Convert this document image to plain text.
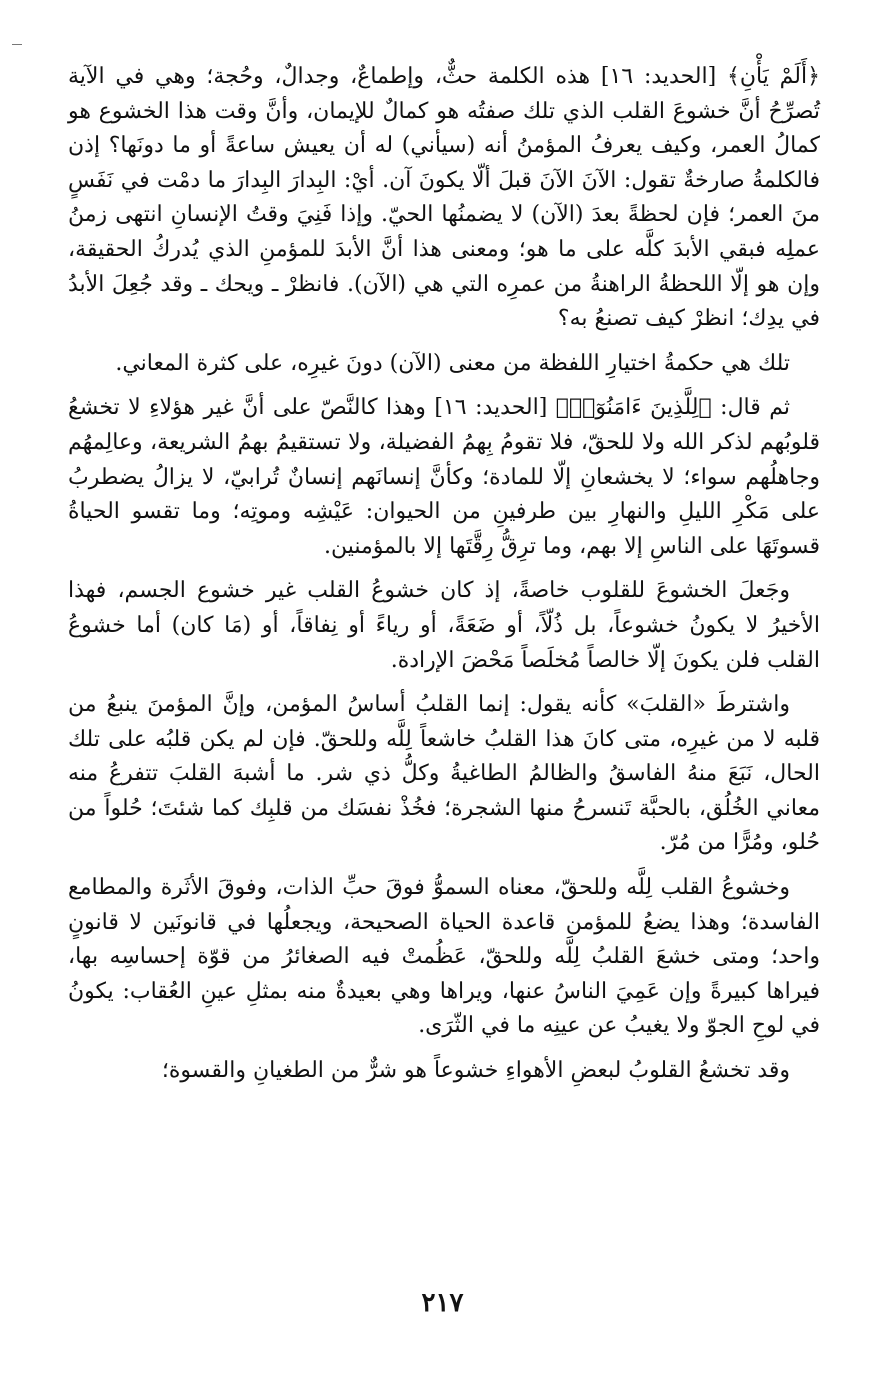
﴿أَلَمْ يَأْنِ﴾ [الحديد: ١٦] هذه الكلمة حثٌّ، وإطماعٌ، وجدالٌ، وحُجة؛ وهي في الآية تُصرِّحُ أنَّ خشوعَ القلب الذي تلك صفتُه هو كمالٌ للإيمان، وأنَّ وقت هذا الخشوع هو كمالُ العمر، وكيف يعرفُ المؤمنُ أنه (سيأني) له أن يعيش ساعةً أو ما دونَها؟ إذن فالكلمةُ صارخةٌ تقول: الآنَ الآنَ قبلَ ألّا يكونَ آن. أيْ: البِدارَ البِدارَ ما دمْت في نَفَسٍ منَ العمر؛ فإن لحظةً بعدَ (الآن) لا يضمنُها الحيّ. وإذا فَنِيَ وقتُ الإنسانِ انتهى زمنُ عملِه فبقي الأبدَ كلَّه على ما هو؛ ومعنى هذا أنَّ الأبدَ للمؤمنِ الذي يُدركُ الحقيقة، وإن هو إلّا اللحظةُ الراهنةُ من عمرِه التي هي (الآن). فانظرْ ـ ويحك ـ وقد جُعِلَ الأبدُ في يدِك؛ انظرْ كيف تصنعُ به؟

تلك هي حكمةُ اختيارِ اللفظة من معنى (الآن) دونَ غيرِه، على كثرة المعاني.

ثم قال: ﴿لِلَّذِينَ ءَامَنُوٓا۟﴾ [الحديد: ١٦] وهذا كالنَّصّ على أنَّ غير هؤلاءِ لا تخشعُ قلوبُهم لذكر الله ولا للحقّ، فلا تقومُ بِهمُ الفضيلة، ولا تستقيمُ بهمُ الشريعة، وعالِمهُم وجاهلُهم سواء؛ لا يخشعانِ إلّا للمادة؛ وكأنَّ إنسانَهم إنسانٌ تُرابيّ، لا يزالُ يضطربُ على مَكْرِ الليلِ والنهارِ بين طرفينِ من الحيوان: عَيْشِه وموتِه؛ وما تقسو الحياةُ قسوتَهَا على الناسِ إلا بهم، وما ترِقُّ رِقَّتَها إلا بالمؤمنين.

وجَعلَ الخشوعَ للقلوب خاصةً، إذ كان خشوعُ القلب غير خشوع الجسم، فهذا الأخيرُ لا يكونُ خشوعاً، بل ذُلّاً، أو ضَعَةً، أو رياءً أو نِفاقاً، أو (مَا كان) أما خشوعُ القلب فلن يكونَ إلّا خالصاً مُخلَصاً مَحْضَ الإرادة.

واشترطَ «القلبَ» كأنه يقول: إنما القلبُ أساسُ المؤمن، وإنَّ المؤمنَ ينبعُ من قلبه لا من غيرِه، متى كانَ هذا القلبُ خاشعاً لِلَّه وللحقّ. فإن لم يكن قلبُه على تلك الحال، نَبَعَ منهُ الفاسقُ والظالمُ الطاغيةُ وكلُّ ذي شر. ما أشبهَ القلبَ تتفرعُ منه معاني الخُلُق، بالحبَّة تَنسرحُ منها الشجرة؛ فخُذْ نفسَك من قلبِك كما شئتَ؛ حُلواً من حُلو، ومُرًّا من مُرّ.

وخشوعُ القلب لِلَّه وللحقّ، معناه السموُّ فوقَ حبِّ الذات، وفوقَ الأثَرة والمطامع الفاسدة؛ وهذا يضعُ للمؤمن قاعدة الحياة الصحيحة، ويجعلُها في قانونَين لا قانونٍ واحد؛ ومتى خشعَ القلبُ لِلَّه وللحقّ، عَظُمتْ فيه الصغائرُ من قوّة إحساسِه بها، فيراها كبيرةً وإن عَمِيَ الناسُ عنها، ويراها وهي بعيدةٌ منه بمثلِ عينِ العُقاب: يكونُ في لوحِ الجوّ ولا يغيبُ عن عينِه ما في الثّرَى.

وقد تخشعُ القلوبُ لبعضِ الأهواءِ خشوعاً هو شرٌّ من الطغيانِ والقسوة؛

٢١٧
